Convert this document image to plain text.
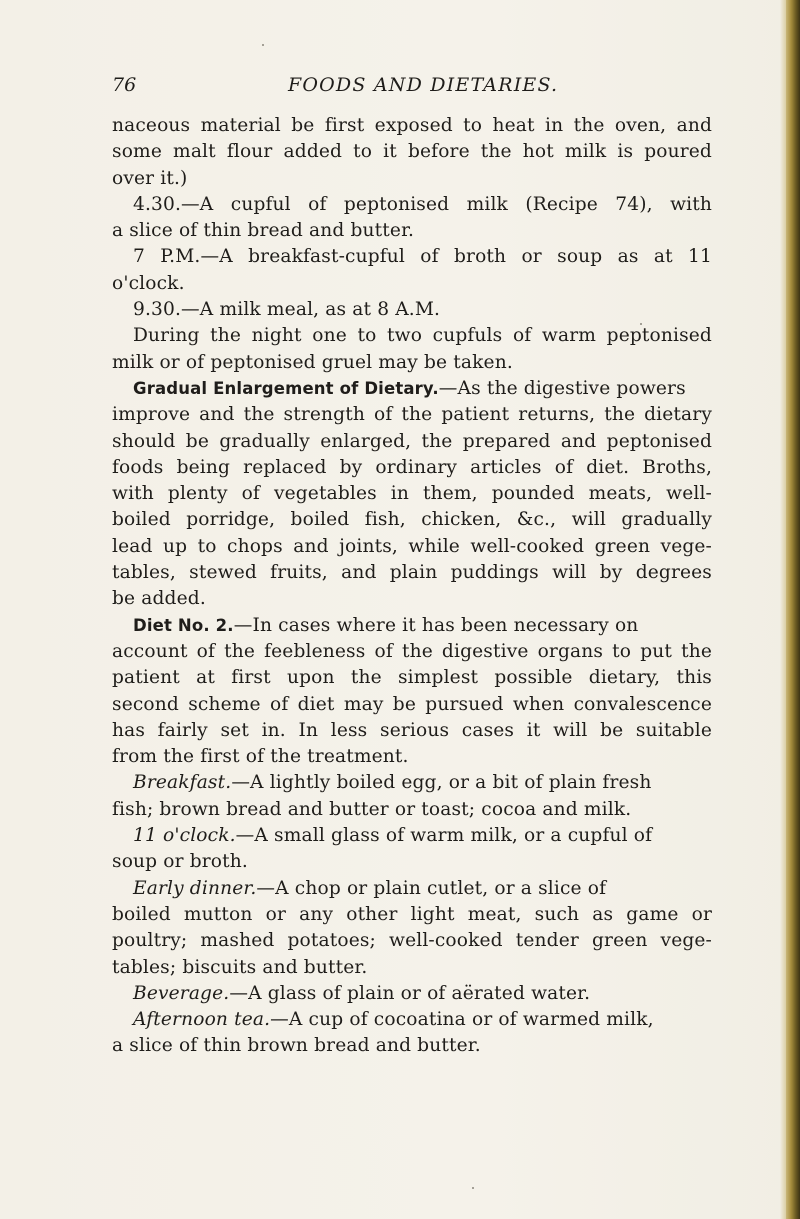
76	FOODS AND DIETARIES.
naceous material be first exposed to heat in the oven, and
some malt flour added to it before the hot milk is poured
over it.)
4.30.—A cupful of peptonised milk (Recipe 74), with
a slice of thin bread and butter.
7 P.M.—A breakfast-cupful of broth or soup as at 11
o'clock.
9.30.—A milk meal, as at 8 A.M.
During the night one to two cupfuls of warm peptonised
milk or of peptonised gruel may be taken.
Gradual Enlargement of Dietary.—As the digestive powers
improve and the strength of the patient returns, the dietary
should be gradually enlarged, the prepared and peptonised
foods being replaced by ordinary articles of diet. Broths,
with plenty of vegetables in them, pounded meats, well-
boiled porridge, boiled fish, chicken, &c., will gradually
lead up to chops and joints, while well-cooked green vege-
tables, stewed fruits, and plain puddings will by degrees
be added.
Diet No. 2.—In cases where it has been necessary on
account of the feebleness of the digestive organs to put the
patient at first upon the simplest possible dietary, this
second scheme of diet may be pursued when convalescence
has fairly set in. In less serious cases it will be suitable
from the first of the treatment.
Breakfast.—A lightly boiled egg, or a bit of plain fresh
fish; brown bread and butter or toast; cocoa and milk.
11 o'clock.—A small glass of warm milk, or a cupful of
soup or broth.
Early dinner.—A chop or plain cutlet, or a slice of
boiled mutton or any other light meat, such as game or
poultry; mashed potatoes; well-cooked tender green vege-
tables; biscuits and butter.
Beverage.—A glass of plain or of aërated water.
Afternoon tea.—A cup of cocoatina or of warmed milk,
a slice of thin brown bread and butter.
